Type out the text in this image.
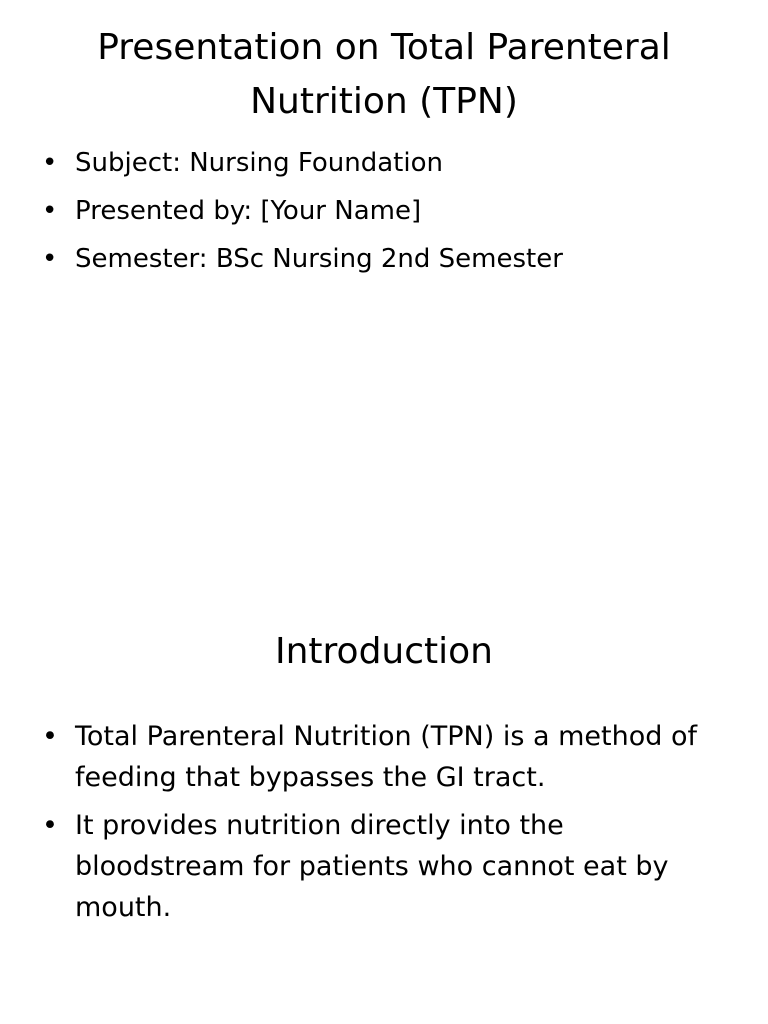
Presentation on Total Parenteral Nutrition (TPN)
• Subject: Nursing Foundation
• Presented by: [Your Name]
• Semester: BSc Nursing 2nd Semester
Introduction
• Total Parenteral Nutrition (TPN) is a method of feeding that bypasses the GI tract.
• It provides nutrition directly into the bloodstream for patients who cannot eat by mouth.
